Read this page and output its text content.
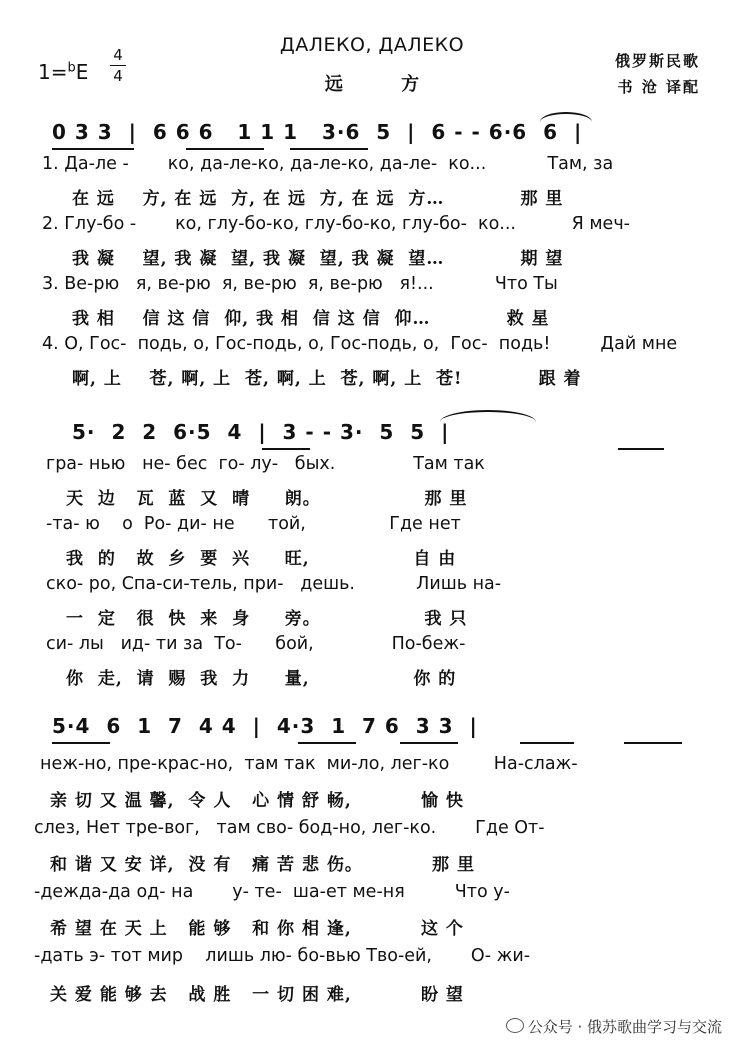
ДАЛЕКО, ДАЛЕКО
远 方
1=$^b$E
4
4
俄罗斯民歌
书 沧 译配
0 3 3  |  6 6 6   1 1 1   3·6  5  |  6 - - 6·6  6  |
1. Да-ле -       ко, да-ле-ко, да-ле-ко, да-ле-  ко...           Там, за
在 远    方, 在 远  方, 在 远  方, 在 远  方…           那 里
2. Глу-бо -       ко, глу-бо-ко, глу-бо-ко, глу-бо-  ко...          Я меч-
我 凝    望, 我 凝  望, 我 凝  望, 我 凝  望…           期 望
3. Ве-рю   я, ве-рю  я, ве-рю  я, ве-рю   я!...           Что Ты
我 相    信 这 信  仰, 我 相  信 这 信  仰…           救 星
4. О, Гос-  подь, о, Гос-подь, о, Гос-подь, о,  Гос-  подь!         Дай мне
啊, 上    苍, 啊, 上  苍, 啊, 上  苍, 啊, 上  苍!           跟 着
5·  2  2  6·5  4  |  3 - - 3·  5  5  |
гра- нью   не- бес  го- лу-   бых.              Там так
天  边   瓦  蓝  又  晴     朗。               那 里
-та- ю    о  Ро- ди- не      той,               Где нет
我  的   故  乡  要  兴     旺,               自 由
ско- ро, Спа-си-тель, при-   дешь.           Лишь на-
一  定   很  快  来  身     旁。               我 只
си- лы   ид- ти за  То-      бой,              По-беж-
你  走,  请  赐  我  力     量,               你 的
5·4  6  1  7  4 4  |  4·3  1  7 6  3 3  |
неж-но, пре-крас-но,  там так  ми-ло, лег-ко        На-слаж-
亲 切 又 温 馨,  令 人   心 情 舒 畅,          愉 快
слез, Нет тре-вог,   там сво- бод-но, лег-ко.       Где От-
和 谐 又 安 详,  没 有   痛 苦 悲 伤。          那 里
-дежда-да од- на       у- те-  ша-ет ме-ня         Что у-
希 望 在 天 上   能 够   和 你 相 逢,          这 个
-дать э- тот мир    лишь лю- бо-вью Тво-ей,       О- жи-
关 爱 能 够 去   战 胜   一 切 困 难,          盼 望
公众号 · 俄苏歌曲学习与交流
